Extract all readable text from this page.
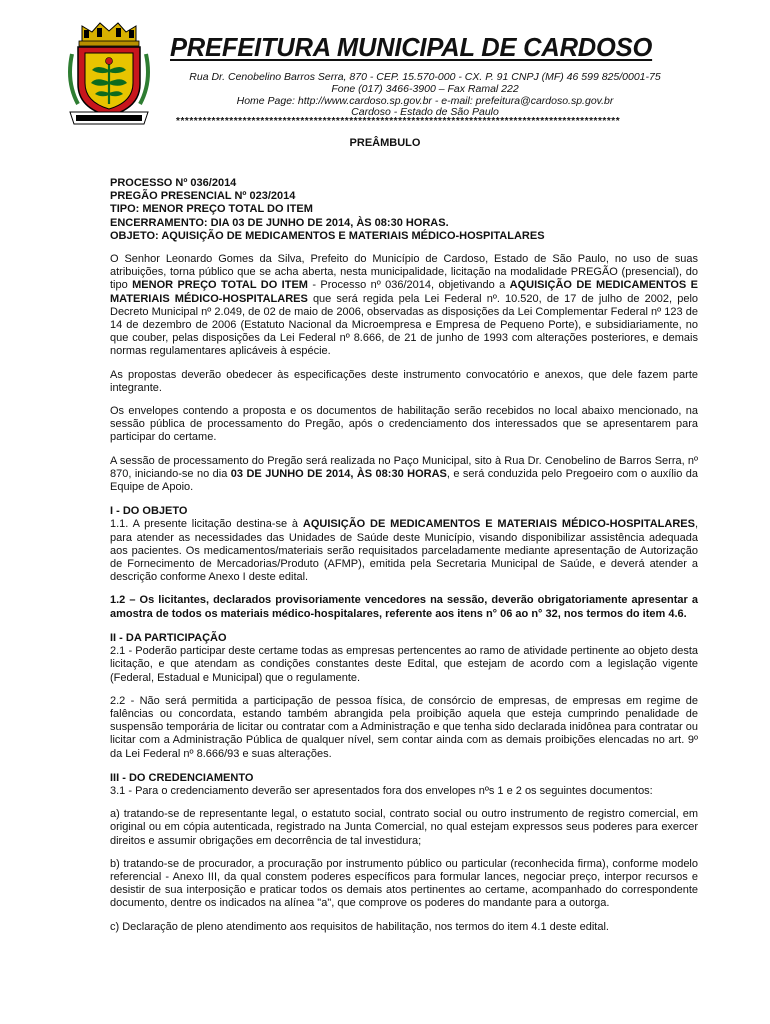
PREFEITURA MUNICIPAL DE CARDOSO
Rua Dr. Cenobelino Barros Serra, 870 - CEP. 15.570-000 - CX. P. 91 CNPJ (MF) 46 599 825/0001-75
Fone (017) 3466-3900 – Fax Ramal 222
Home Page: http://www.cardoso.sp.gov.br - e-mail: prefeitura@cardoso.sp.gov.br
Cardoso - Estado de São Paulo
****************************************************************************************************
PREÂMBULO

PROCESSO Nº 036/2014

PREGÃO PRESENCIAL Nº 023/2014

TIPO: MENOR PREÇO TOTAL DO ITEM

ENCERRAMENTO: DIA 03 DE JUNHO DE 2014, ÀS 08:30 HORAS.

OBJETO: AQUISIÇÃO DE MEDICAMENTOS E MATERIAIS MÉDICO-HOSPITALARES

O Senhor Leonardo Gomes da Silva, Prefeito do Município de Cardoso, Estado de São Paulo, no uso de suas atribuições, torna público que se acha aberta, nesta municipalidade, licitação na modalidade PREGÃO (presencial), do tipo MENOR PREÇO TOTAL DO ITEM - Processo nº 036/2014, objetivando a AQUISIÇÃO DE MEDICAMENTOS E MATERIAIS MÉDICO-HOSPITALARES que será regida pela Lei Federal nº. 10.520, de 17 de julho de 2002, pelo Decreto Municipal nº 2.049, de 02 de maio de 2006, observadas as disposições da Lei Complementar Federal nº 123 de 14 de dezembro de 2006 (Estatuto Nacional da Microempresa e Empresa de Pequeno Porte), e subsidiariamente, no que couber, pelas disposições da Lei Federal nº 8.666, de 21 de junho de 1993 com alterações posteriores, e demais normas regulamentares aplicáveis à espécie.

As propostas deverão obedecer às especificações deste instrumento convocatório e anexos, que dele fazem parte integrante.

Os envelopes contendo a proposta e os documentos de habilitação serão recebidos no local abaixo mencionado, na sessão pública de processamento do Pregão, após o credenciamento dos interessados que se apresentarem para participar do certame.

A sessão de processamento do Pregão será realizada no Paço Municipal, sito à Rua Dr. Cenobelino de Barros Serra, nº 870, iniciando-se no dia 03 DE JUNHO DE 2014, ÀS 08:30 HORAS, e será conduzida pelo Pregoeiro com o auxílio da Equipe de Apoio.

I - DO OBJETO

1.1. A presente licitação destina-se à AQUISIÇÃO DE MEDICAMENTOS E MATERIAIS MÉDICO-HOSPITALARES, para atender as necessidades das Unidades de Saúde deste Município, visando disponibilizar assistência adequada aos pacientes. Os medicamentos/materiais serão requisitados parceladamente mediante apresentação de Autorização de Fornecimento de Mercadorias/Produto (AFMP), emitida pela Secretaria Municipal de Saúde, e deverá atender a descrição conforme Anexo I deste edital.

1.2 – Os licitantes, declarados provisoriamente vencedores na sessão, deverão obrigatoriamente apresentar a amostra de todos os materiais médico-hospitalares, referente aos itens n° 06 ao n° 32, nos termos do item 4.6.

II - DA PARTICIPAÇÃO

2.1 - Poderão participar deste certame todas as empresas pertencentes ao ramo de atividade pertinente ao objeto desta licitação, e que atendam as condições constantes deste Edital, que estejam de acordo com a legislação vigente (Federal, Estadual e Municipal) que o regulamente.

2.2 - Não será permitida a participação de pessoa física, de consórcio de empresas, de empresas em regime de falências ou concordata, estando também abrangida pela proibição aquela que esteja cumprindo penalidade de suspensão temporária de licitar ou contratar com a Administração e que tenha sido declarada inidônea para contratar ou licitar com a Administração Pública de qualquer nível, sem contar ainda com as demais proibições elencadas no art. 9º da Lei Federal nº 8.666/93 e suas alterações.

III - DO CREDENCIAMENTO

3.1 - Para o credenciamento deverão ser apresentados fora dos envelopes nºs 1 e 2 os seguintes documentos:

a) tratando-se de representante legal, o estatuto social, contrato social ou outro instrumento de registro comercial, em original ou em cópia autenticada, registrado na Junta Comercial, no qual estejam expressos seus poderes para exercer direitos e assumir obrigações em decorrência de tal investidura;

b) tratando-se de procurador, a procuração por instrumento público ou particular (reconhecida firma), conforme modelo referencial - Anexo III, da qual constem poderes específicos para formular lances, negociar preço, interpor recursos e desistir de sua interposição e praticar todos os demais atos pertinentes ao certame, acompanhado do correspondente documento, dentre os indicados na alínea "a", que comprove os poderes do mandante para a outorga.

c) Declaração de pleno atendimento aos requisitos de habilitação, nos termos do item 4.1 deste edital.
